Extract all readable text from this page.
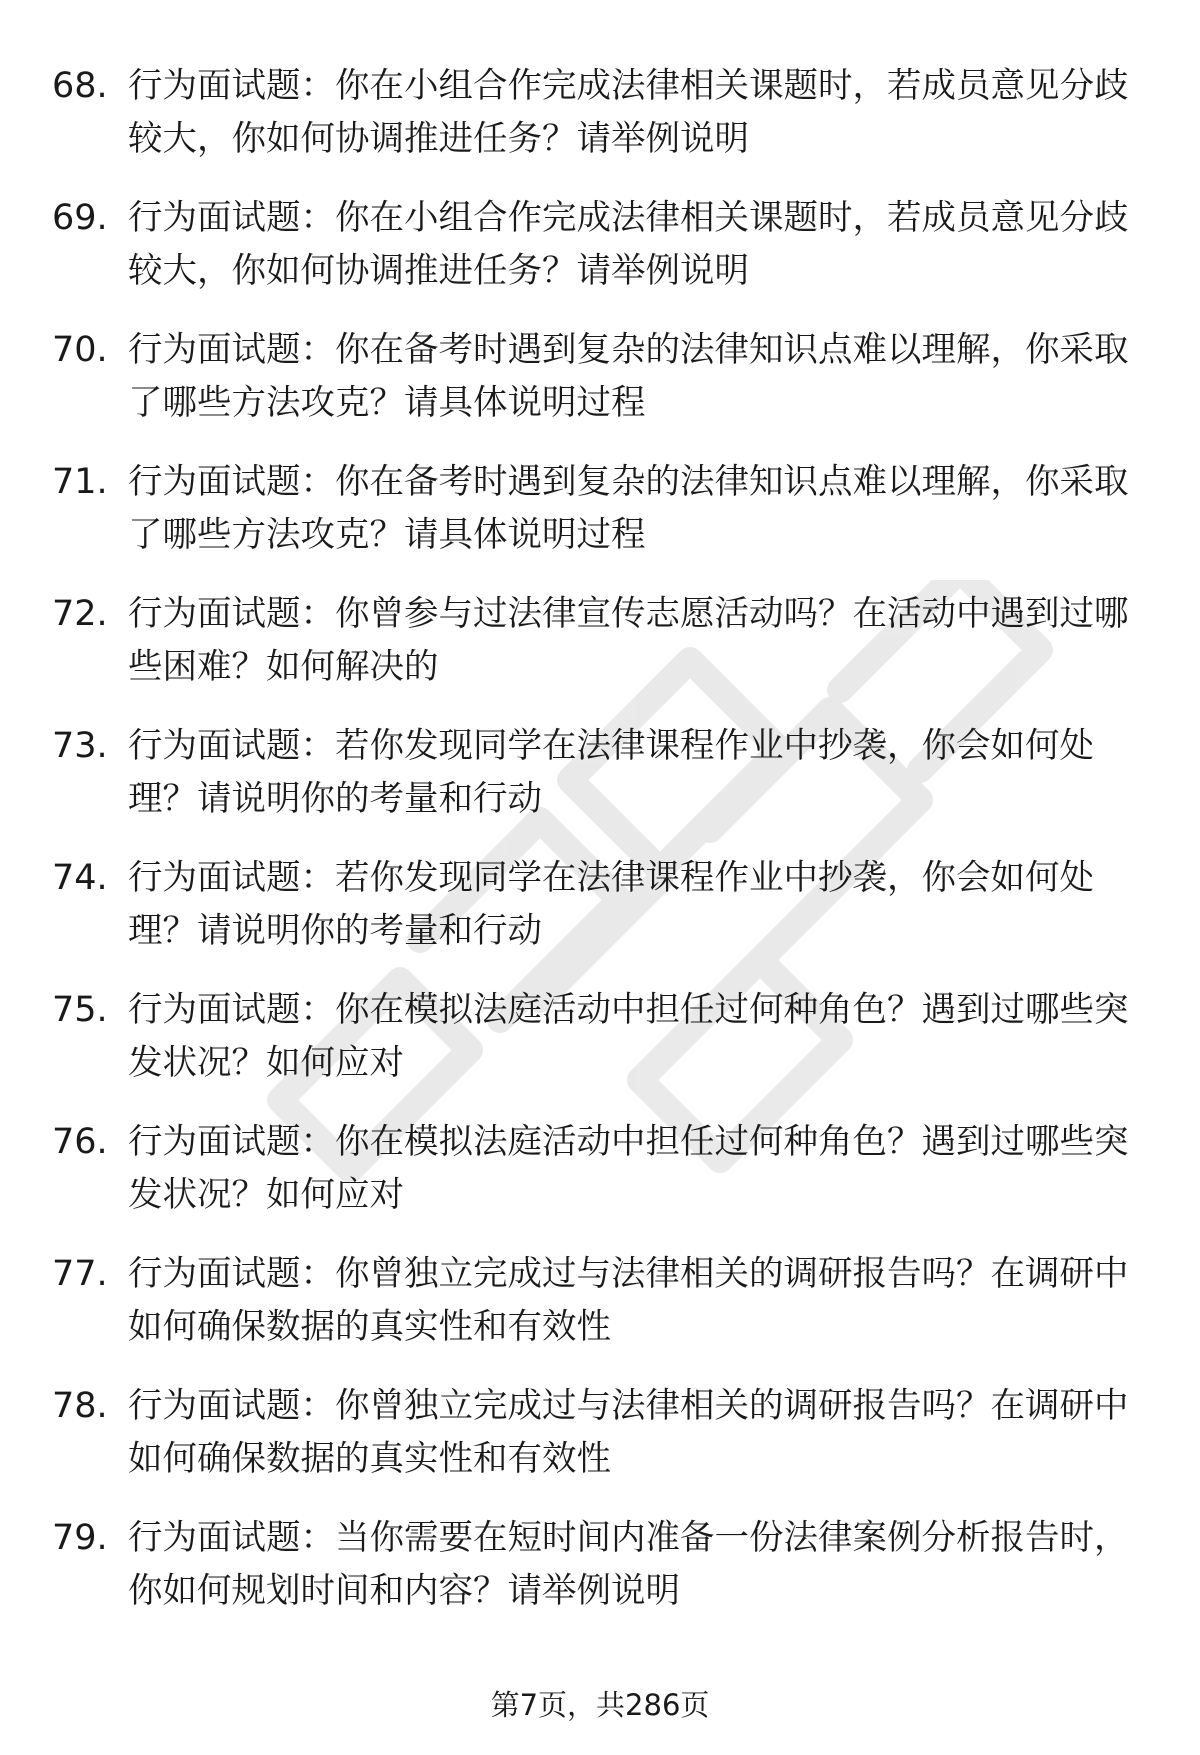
68. 行为面试题：你在小组合作完成法律相关课题时，若成员意见分歧较大，你如何协调推进任务？请举例说明
69. 行为面试题：你在小组合作完成法律相关课题时，若成员意见分歧较大，你如何协调推进任务？请举例说明
70. 行为面试题：你在备考时遇到复杂的法律知识点难以理解，你采取了哪些方法攻克？请具体说明过程
71. 行为面试题：你在备考时遇到复杂的法律知识点难以理解，你采取了哪些方法攻克？请具体说明过程
72. 行为面试题：你曾参与过法律宣传志愿活动吗？在活动中遇到过哪些困难？如何解决的
73. 行为面试题：若你发现同学在法律课程作业中抄袭，你会如何处理？请说明你的考量和行动
74. 行为面试题：若你发现同学在法律课程作业中抄袭，你会如何处理？请说明你的考量和行动
75. 行为面试题：你在模拟法庭活动中担任过何种角色？遇到过哪些突发状况？如何应对
76. 行为面试题：你在模拟法庭活动中担任过何种角色？遇到过哪些突发状况？如何应对
77. 行为面试题：你曾独立完成过与法律相关的调研报告吗？在调研中如何确保数据的真实性和有效性
78. 行为面试题：你曾独立完成过与法律相关的调研报告吗？在调研中如何确保数据的真实性和有效性
79. 行为面试题：当你需要在短时间内准备一份法律案例分析报告时，你如何规划时间和内容？请举例说明
第7页，共286页
